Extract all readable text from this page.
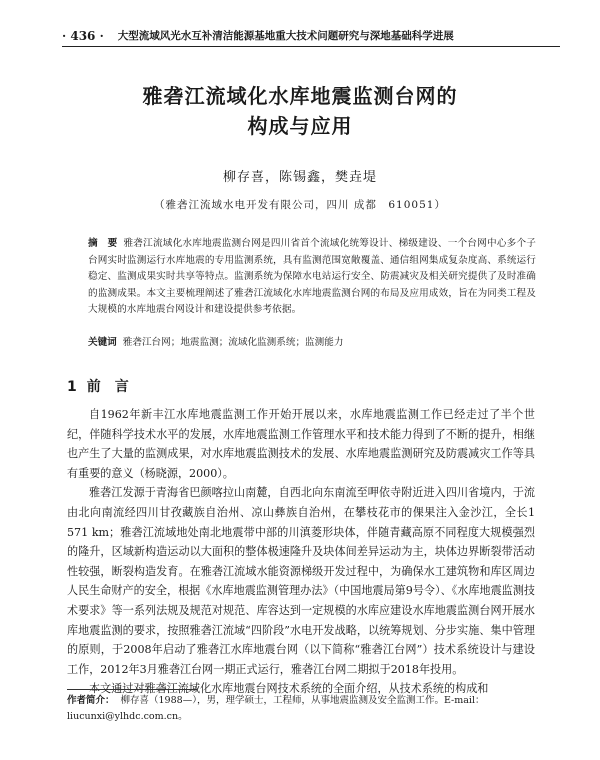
· 436 · 大型流域风光水互补清洁能源基地重大技术问题研究与深地基础科学进展
雅砻江流域化水库地震监测台网的
构成与应用
柳存喜，陈锡鑫，樊垚堤
（雅砻江流域水电开发有限公司，四川 成都　610051）
摘　要 雅砻江流域化水库地震监测台网是四川省首个流域化统筹设计、梯级建设、一个台网中心多个子台网实时监测运行水库地震的专用监测系统，具有监测范围宽敞覆盖、通信组网集成复杂度高、系统运行稳定、监测成果实时共享等特点。监测系统为保障水电站运行安全、防震减灾及相关研究提供了及时准确的监测成果。本文主要梳理阐述了雅砻江流域化水库地震监测台网的布局及应用成效，旨在为同类工程及大规模的水库地震台网设计和建设提供参考依据。
关键词 雅砻江台网；地震监测；流域化监测系统；监测能力
1 前　言

自1962年新丰江水库地震监测工作开始开展以来，水库地震监测工作已经走过了半个世纪，伴随科学技术水平的发展，水库地震监测工作管理水平和技术能力得到了不断的提升，相继也产生了大量的监测成果，对水库地震监测技术的发展、水库地震监测研究及防震减灾工作等具有重要的意义（杨晓源，2000）。

雅砻江发源于青海省巴颜喀拉山南麓，自西北向东南流至呷依寺附近进入四川省境内，于流由北向南流经四川甘孜藏族自治州、凉山彝族自治州，在攀枝花市的倮果注入金沙江，全长1 571 km；雅砻江流域地处南北地震带中部的川滇菱形块体，伴随青藏高原不同程度大规模强烈的隆升，区域新构造运动以大面积的整体极速隆升及块体间差异运动为主，块体边界断裂带活动性较强，断裂构造发育。在雅砻江流域水能资源梯级开发过程中，为确保水工建筑物和库区周边人民生命财产的安全，根据《水库地震监测管理办法》（中国地震局第9号令）、《水库地震监测技术要求》等一系列法规及规范对规范、库容达到一定规模的水库应建设水库地震监测台网开展水库地震监测的要求，按照雅砻江流域“四阶段”水电开发战略，以统筹规划、分步实施、集中管理的原则，于2008年启动了雅砻江水库地震台网（以下简称“雅砻江台网”）技术系统设计与建设工作，2012年3月雅砻江台网一期正式运行，雅砻江台网二期拟于2018年投用。

本文通过对雅砻江流域化水库地震台网技术系统的全面介绍，从技术系统的构成和

作者简介： 柳存喜（1988—），男，理学硕士，工程师，从事地震监测及安全监测工作。E-mail：liucunxi@ylhdc.com.cn。
